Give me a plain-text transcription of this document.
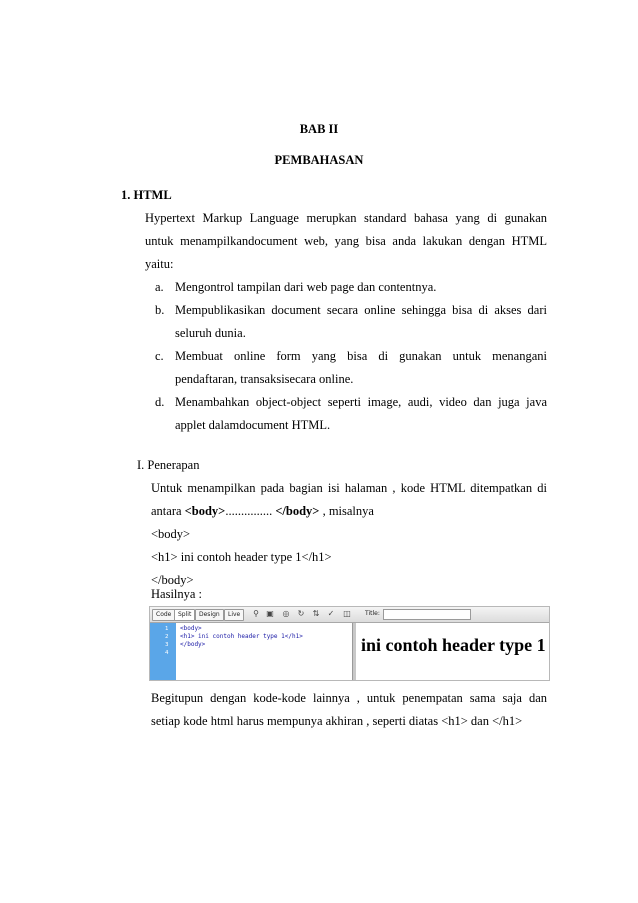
BAB II
PEMBAHASAN
1. HTML
Hypertext Markup Language merupkan standard bahasa yang di gunakan
untuk menampilkandocument web, yang bisa anda lakukan dengan HTML
yaitu:
a. Mengontrol tampilan dari web page dan contentnya.
b. Mempublikasikan document secara online sehingga bisa di akses dari
seluruh dunia.
c. Membuat online form yang bisa di gunakan untuk menangani
pendaftaran, transaksisecara online.
d. Menambahkan object-object seperti image, audi, video dan juga java
applet dalamdocument HTML.
I. Penerapan
Untuk menampilkan pada bagian isi halaman , kode HTML ditempatkan di
antara <body>............... </body> , misalnya
<body>
<h1> ini contoh header type 1</h1>
</body>
Hasilnya :
Code	Split	Design	Live	⚲ ▣ ◎ ↻ ⇅ ✓ ◫ Title:
1
2
3
4
<body>
<h1> ini contoh header type 1</h1>
</body>	ini contoh header type 1
Begitupun dengan kode-kode lainnya , untuk penempatan sama saja dan
setiap kode html harus mempunya akhiran , seperti diatas <h1> dan </h1>
